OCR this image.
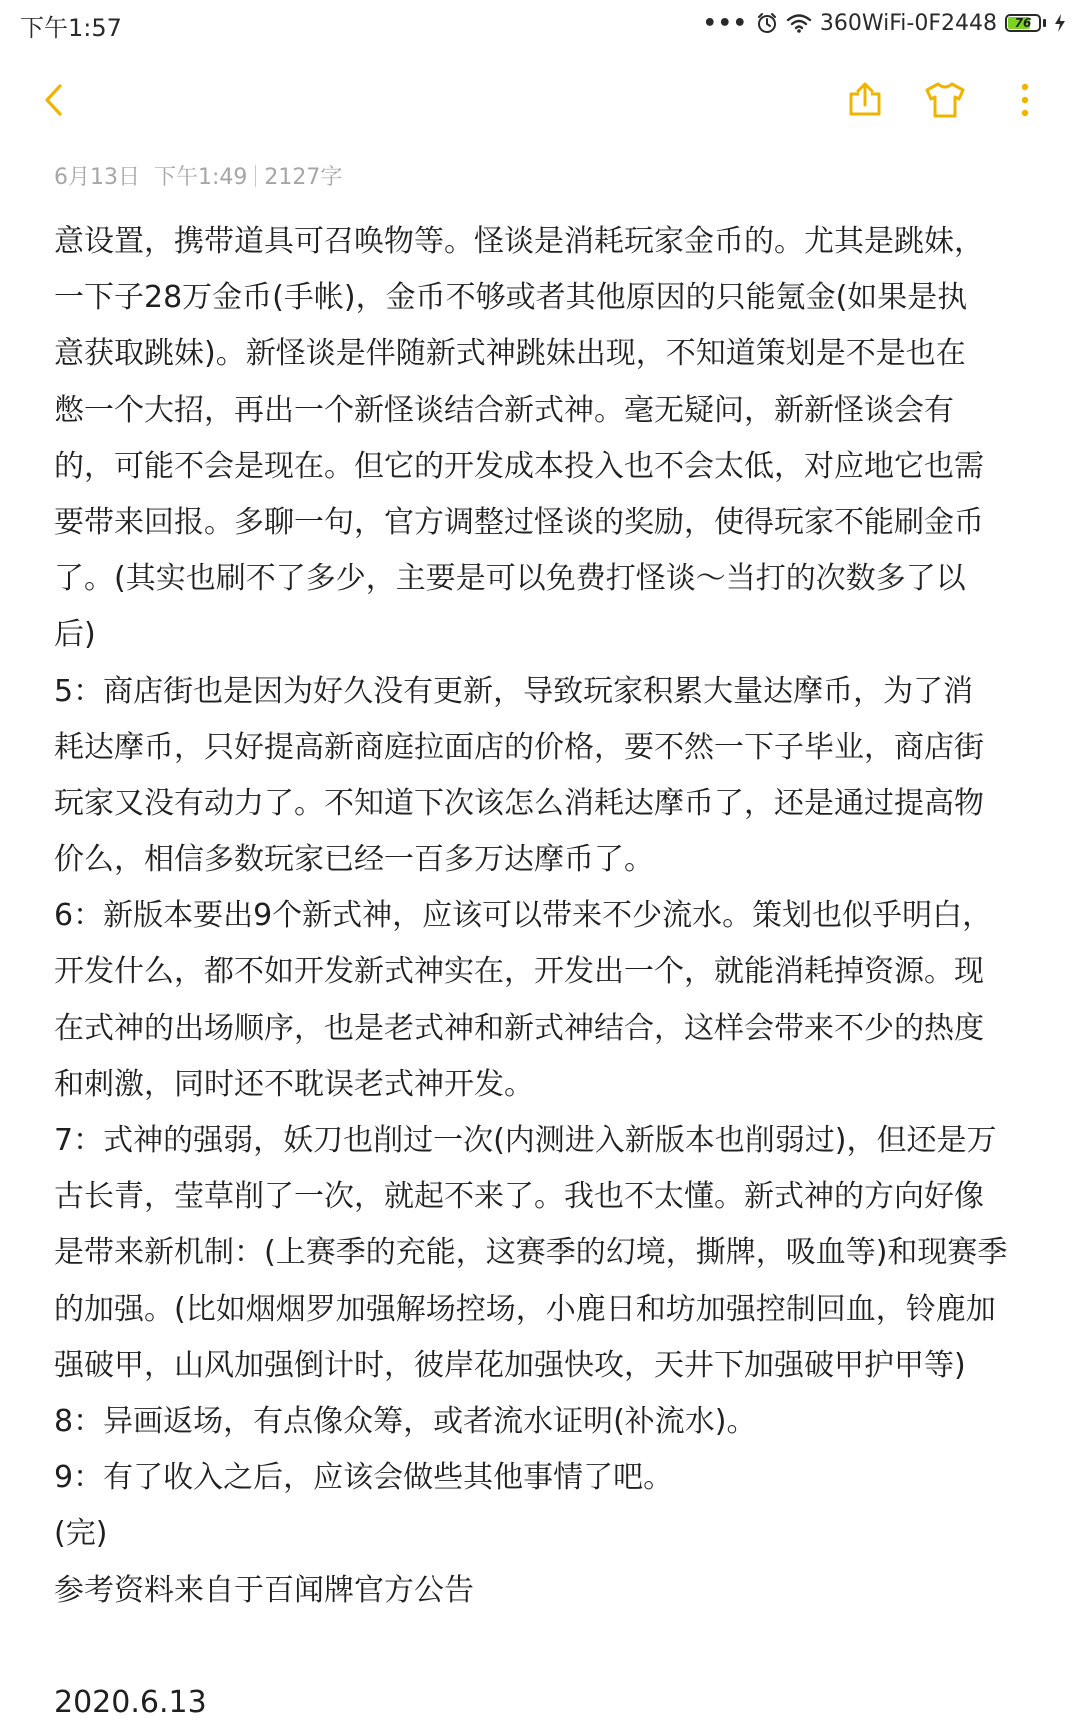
下午1:57	•••	360WiFi-0F2448 76
6月13日 下午1:49 2127字
意设置，携带道具可召唤物等。怪谈是消耗玩家金币的。尤其是跳妹，
一下子28万金币(手帐)，金币不够或者其他原因的只能氪金(如果是执
意获取跳妹)。新怪谈是伴随新式神跳妹出现，不知道策划是不是也在
憋一个大招，再出一个新怪谈结合新式神。毫无疑问，新新怪谈会有
的，可能不会是现在。但它的开发成本投入也不会太低，对应地它也需
要带来回报。多聊一句，官方调整过怪谈的奖励，使得玩家不能刷金币
了。(其实也刷不了多少，主要是可以免费打怪谈～当打的次数多了以
后)
5：商店街也是因为好久没有更新，导致玩家积累大量达摩币，为了消
耗达摩币，只好提高新商庭拉面店的价格，要不然一下子毕业，商店街
玩家又没有动力了。不知道下次该怎么消耗达摩币了，还是通过提高物
价么，相信多数玩家已经一百多万达摩币了。
6：新版本要出9个新式神，应该可以带来不少流水。策划也似乎明白，
开发什么，都不如开发新式神实在，开发出一个，就能消耗掉资源。现
在式神的出场顺序，也是老式神和新式神结合，这样会带来不少的热度
和刺激，同时还不耽误老式神开发。
7：式神的强弱，妖刀也削过一次(内测进入新版本也削弱过)，但还是万
古长青，莹草削了一次，就起不来了。我也不太懂。新式神的方向好像
是带来新机制：(上赛季的充能，这赛季的幻境，撕牌，吸血等)和现赛季
的加强。(比如烟烟罗加强解场控场，小鹿日和坊加强控制回血，铃鹿加
强破甲，山风加强倒计时，彼岸花加强快攻，天井下加强破甲护甲等)
8：异画返场，有点像众筹，或者流水证明(补流水)。
9：有了收入之后，应该会做些其他事情了吧。
(完)
参考资料来自于百闻牌官方公告
2020.6.13
